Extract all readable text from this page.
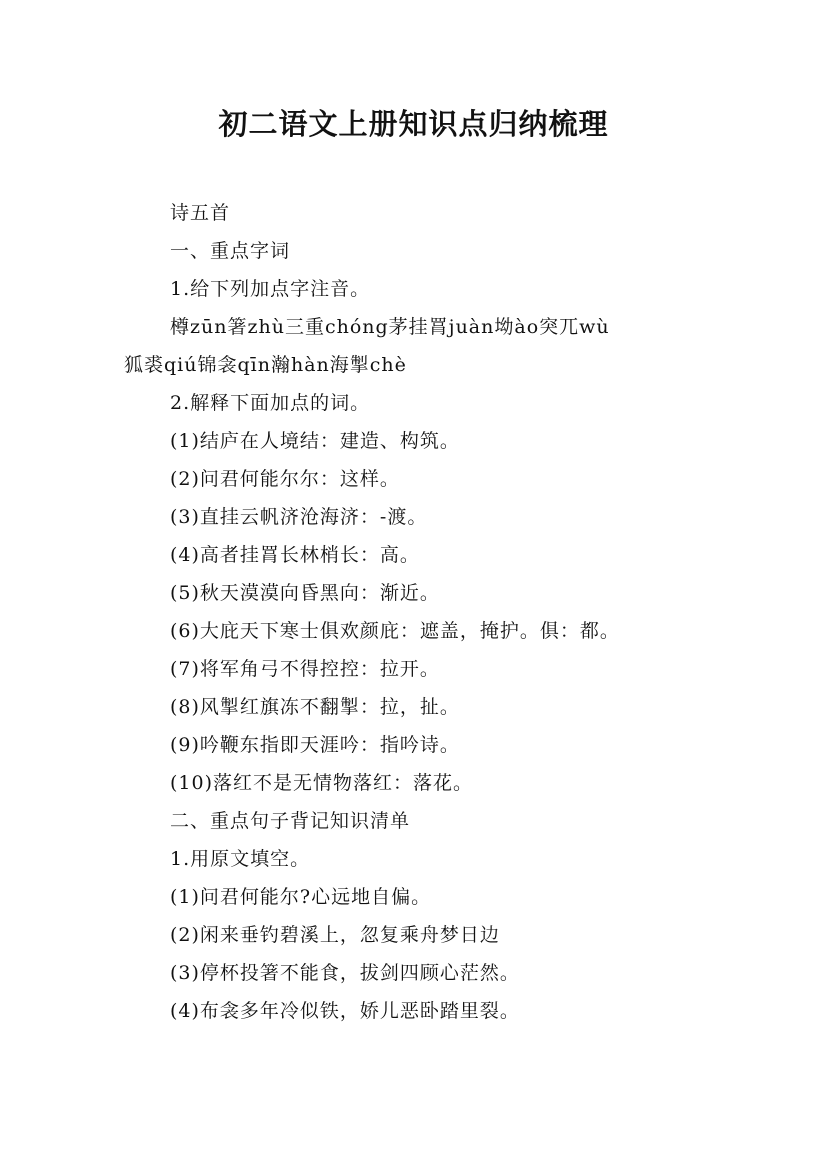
初二语文上册知识点归纳梳理
诗五首
一、重点字词
1.给下列加点字注音。
樽zūn箸zhù三重chóng茅挂罥juàn坳ào突兀wù
狐裘qiú锦衾qīn瀚hàn海掣chè
2.解释下面加点的词。
(1)结庐在人境结：建造、构筑。
(2)问君何能尔尔：这样。
(3)直挂云帆济沧海济：-渡。
(4)高者挂罥长林梢长：高。
(5)秋天漠漠向昏黑向：渐近。
(6)大庇天下寒士俱欢颜庇：遮盖，掩护。俱：都。
(7)将军角弓不得控控：拉开。
(8)风掣红旗冻不翻掣：拉，扯。
(9)吟鞭东指即天涯吟：指吟诗。
(10)落红不是无情物落红：落花。
二、重点句子背记知识清单
1.用原文填空。
(1)问君何能尔?心远地自偏。
(2)闲来垂钓碧溪上，忽复乘舟梦日边
(3)停杯投箸不能食，拔剑四顾心茫然。
(4)布衾多年冷似铁，娇儿恶卧踏里裂。
